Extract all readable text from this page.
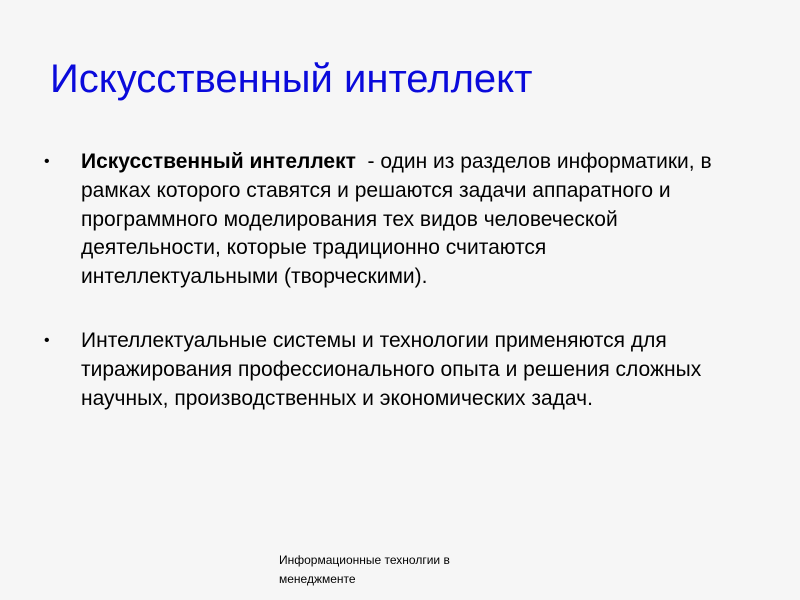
Искусственный интеллект
• Искусственный интеллект  - один из разделов информатики, в рамках которого ставятся и решаются задачи аппаратного и программного моделирования тех видов человеческой деятельности, которые традиционно считаются интеллектуальными (творческими).
• Интеллектуальные системы и технологии применяются для тиражирования профессионального опыта и решения сложных научных, производственных и экономических задач.
Информационные технолгии в менеджменте
